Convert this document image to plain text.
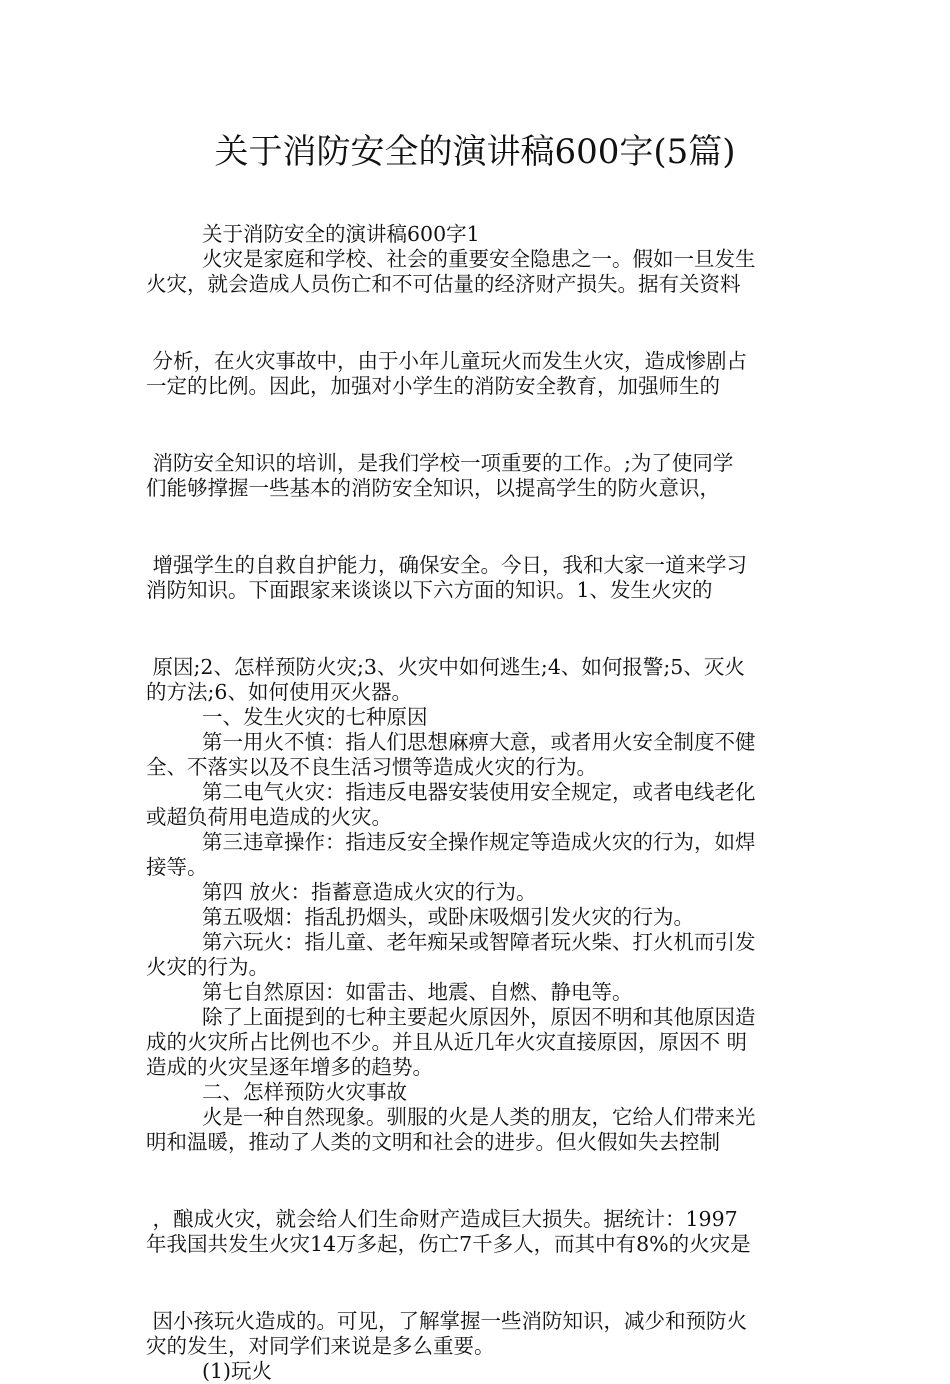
关于消防安全的演讲稿600字(5篇)

关于消防安全的演讲稿600字1

火灾是家庭和学校、社会的重要安全隐患之一。假如一旦发生

火灾，就会造成人员伤亡和不可估量的经济财产损失。据有关资料

分析，在火灾事故中，由于小年儿童玩火而发生火灾，造成惨剧占

一定的比例。因此，加强对小学生的消防安全教育，加强师生的

消防安全知识的培训，是我们学校一项重要的工作。;为了使同学

们能够撑握一些基本的消防安全知识，以提高学生的防火意识，

增强学生的自救自护能力，确保安全。今日，我和大家一道来学习

消防知识。下面跟家来谈谈以下六方面的知识。1、发生火灾的

原因;2、怎样预防火灾;3、火灾中如何逃生;4、如何报警;5、灭火

的方法;6、如何使用灭火器。

一、发生火灾的七种原因

第一用火不慎：指人们思想麻痹大意，或者用火安全制度不健

全、不落实以及不良生活习惯等造成火灾的行为。

第二电气火灾：指违反电器安装使用安全规定，或者电线老化

或超负荷用电造成的火灾。

第三违章操作：指违反安全操作规定等造成火灾的行为，如焊

接等。

第四 放火：指蓄意造成火灾的行为。

第五吸烟：指乱扔烟头，或卧床吸烟引发火灾的行为。

第六玩火：指儿童、老年痴呆或智障者玩火柴、打火机而引发

火灾的行为。

第七自然原因：如雷击、地震、自燃、静电等。

除了上面提到的七种主要起火原因外，原因不明和其他原因造

成的火灾所占比例也不少。并且从近几年火灾直接原因，原因不 明

造成的火灾呈逐年增多的趋势。

二、怎样预防火灾事故

火是一种自然现象。驯服的火是人类的朋友，它给人们带来光

明和温暖，推动了人类的文明和社会的进步。但火假如失去控制

，酿成火灾，就会给人们生命财产造成巨大损失。据统计：1997

年我国共发生火灾14万多起，伤亡7千多人，而其中有8%的火灾是

因小孩玩火造成的。可见，了解掌握一些消防知识，减少和预防火

灾的发生，对同学们来说是多么重要。

(1)玩火
